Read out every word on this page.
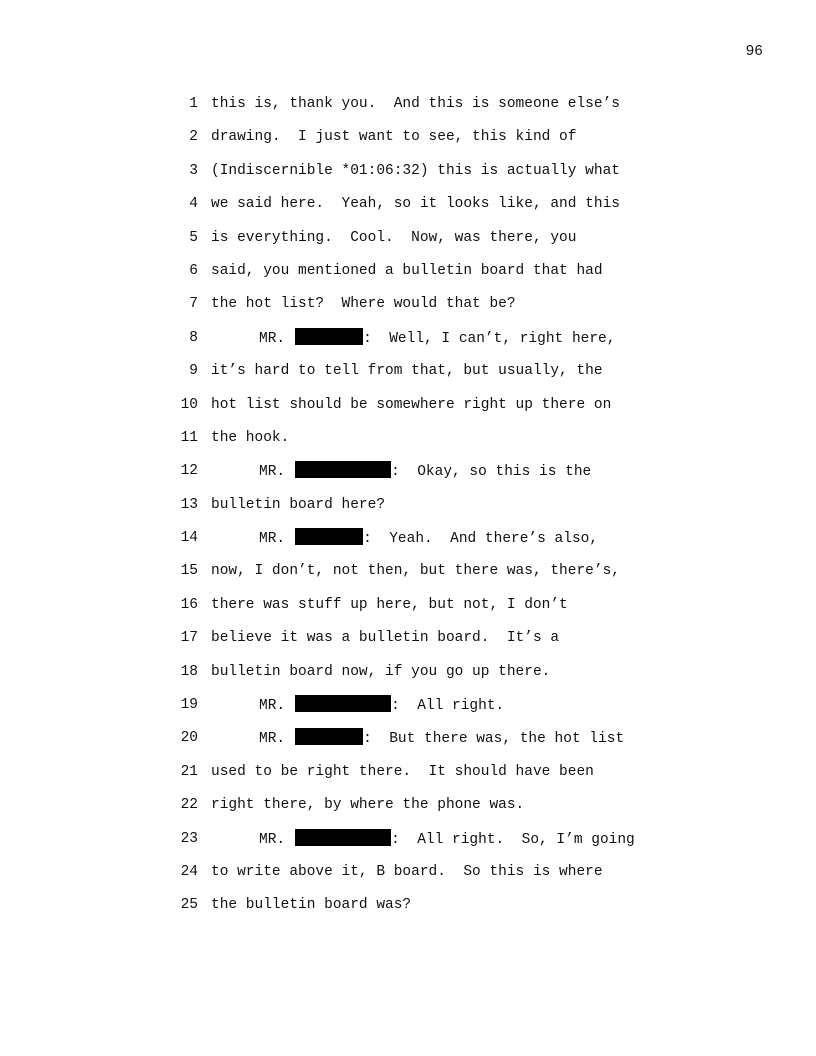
96
1 this is, thank you.  And this is someone else’s
2 drawing.  I just want to see, this kind of
3 (Indiscernible *01:06:32) this is actually what
4 we said here.  Yeah, so it looks like, and this
5 is everything.  Cool.  Now, was there, you
6 said, you mentioned a bulletin board that had
7 the hot list?  Where would that be?
8	MR.	:  Well, I can’t, right here,
9 it’s hard to tell from that, but usually, the
10 hot list should be somewhere right up there on
11 the hook.
12	MR.	:  Okay, so this is the
13 bulletin board here?
14	MR.	:  Yeah.  And there’s also,
15 now, I don’t, not then, but there was, there’s,
16 there was stuff up here, but not, I don’t
17 believe it was a bulletin board.  It’s a
18 bulletin board now, if you go up there.
19	MR.	:  All right.
20	MR.	:  But there was, the hot list
21 used to be right there.  It should have been
22 right there, by where the phone was.
23	MR.	:  All right.  So, I’m going
24 to write above it, B board.  So this is where
25 the bulletin board was?
